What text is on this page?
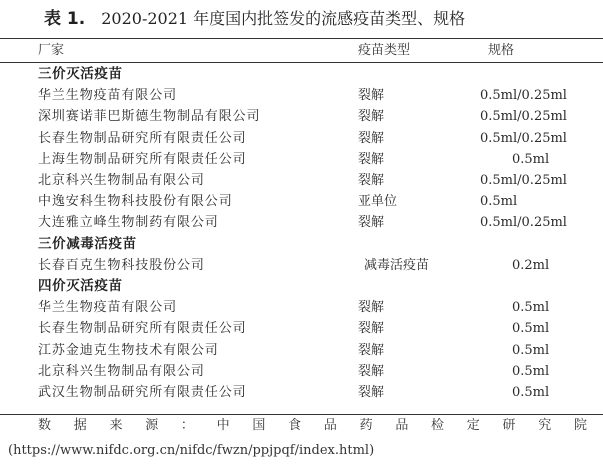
表 1. 2020-2021 年度国内批签发的流感疫苗类型、规格
厂家	疫苗类型	规格
三价灭活疫苗
华兰生物疫苗有限公司	裂解	0.5ml/0.25ml
深圳赛诺菲巴斯德生物制品有限公司	裂解	0.5ml/0.25ml
长春生物制品研究所有限责任公司	裂解	0.5ml/0.25ml
上海生物制品研究所有限责任公司	裂解	0.5ml
北京科兴生物制品有限公司	裂解	0.5ml/0.25ml
中逸安科生物科技股份有限公司	亚单位	0.5ml
大连雅立峰生物制药有限公司	裂解	0.5ml/0.25ml
三价减毒活疫苗
长春百克生物科技股份公司	减毒活疫苗	0.2ml
四价灭活疫苗
华兰生物疫苗有限公司	裂解	0.5ml
长春生物制品研究所有限责任公司	裂解	0.5ml
江苏金迪克生物技术有限公司	裂解	0.5ml
北京科兴生物制品有限公司	裂解	0.5ml
武汉生物制品研究所有限责任公司	裂解	0.5ml
数 据 来 源 ： 中 国 食 品 药 品 检 定 研 究 院
(https://www.nifdc.org.cn/nifdc/fwzn/ppjpqf/index.html)
